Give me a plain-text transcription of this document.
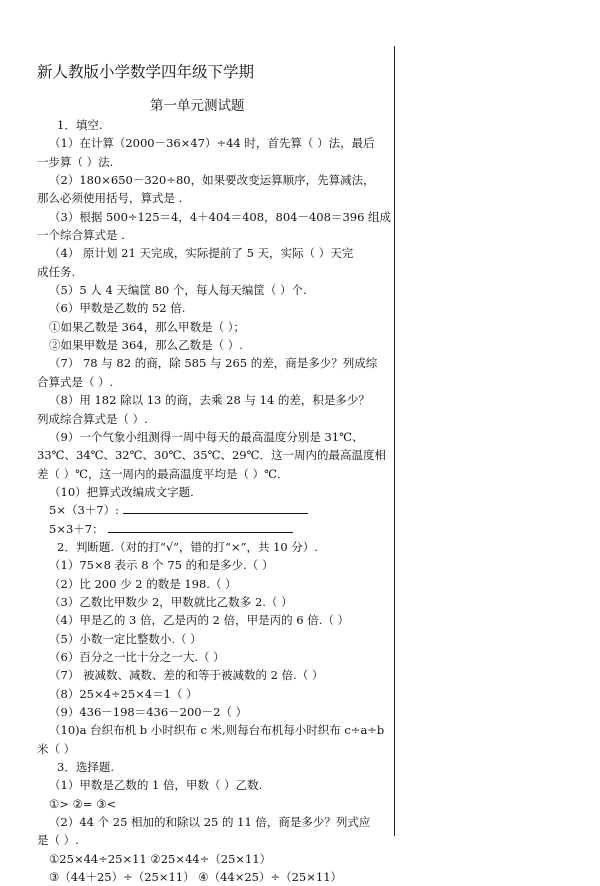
新人教版小学数学四年级下学期
第一单元测试题
1．填空.
（1）在计算（2000－36×47）÷44 时，首先算（ ）法，最后
一步算（ ）法.
（2）180×650－320÷80，如果要改变运算顺序，先算减法，
那么必须使用括号，算式是 .
（3）根据 500÷125＝4，4＋404＝408，804－408＝396 组成
一个综合算式是 .
（4） 原计划 21 天完成，实际提前了 5 天，实际（ ）天完
成任务.
（5）5 人 4 天编筐 80 个，每人每天编筐（ ）个.
（6）甲数是乙数的 52 倍.
①如果乙数是 364，那么甲数是（ ）；
②如果甲数是 364，那么乙数是（ ）.
（7） 78 与 82 的商，除 585 与 265 的差，商是多少？列成综
合算式是（ ）.
（8）用 182 除以 13 的商，去乘 28 与 14 的差，积是多少？
列成综合算式是（ ）.
（9）一个气象小组测得一周中每天的最高温度分别是 31℃、
33℃、34℃、32℃、30℃、35℃、29℃．这一周内的最高温度相
差（ ）℃，这一周内的最高温度平均是（ ）℃.
（10）把算式改编成文字题.
5×（3＋7）:
5×3＋7：
2．判断题.（对的打“√”，错的打“×”，共 10 分）.
（1）75×8 表示 8 个 75 的和是多少.（ ）
（2）比 200 少 2 的数是 198.（ ）
（3）乙数比甲数少 2，甲数就比乙数多 2.（ ）
（4）甲是乙的 3 倍，乙是丙的 2 倍，甲是丙的 6 倍.（ ）
（5）小数一定比整数小.（ ）
（6）百分之一比十分之一大.（ ）
（7） 被减数、减数、差的和等于被减数的 2 倍.（ ）
（8）25×4÷25×4＝1（ ）
（9）436－198＝436－200－2（ ）
（10)a 台织布机 b 小时织布 c 米,则每台布机每小时织布 c÷a÷b
米（ ）
3．选择题.
（1）甲数是乙数的 1 倍，甲数（ ）乙数.
①> ②= ③<
（2）44 个 25 相加的和除以 25 的 11 倍，商是多少？列式应
是（ ）.
①25×44÷25×11 ②25×44÷（25×11）
③（44＋25）÷（25×11） ④（44×25）÷（25×11）
